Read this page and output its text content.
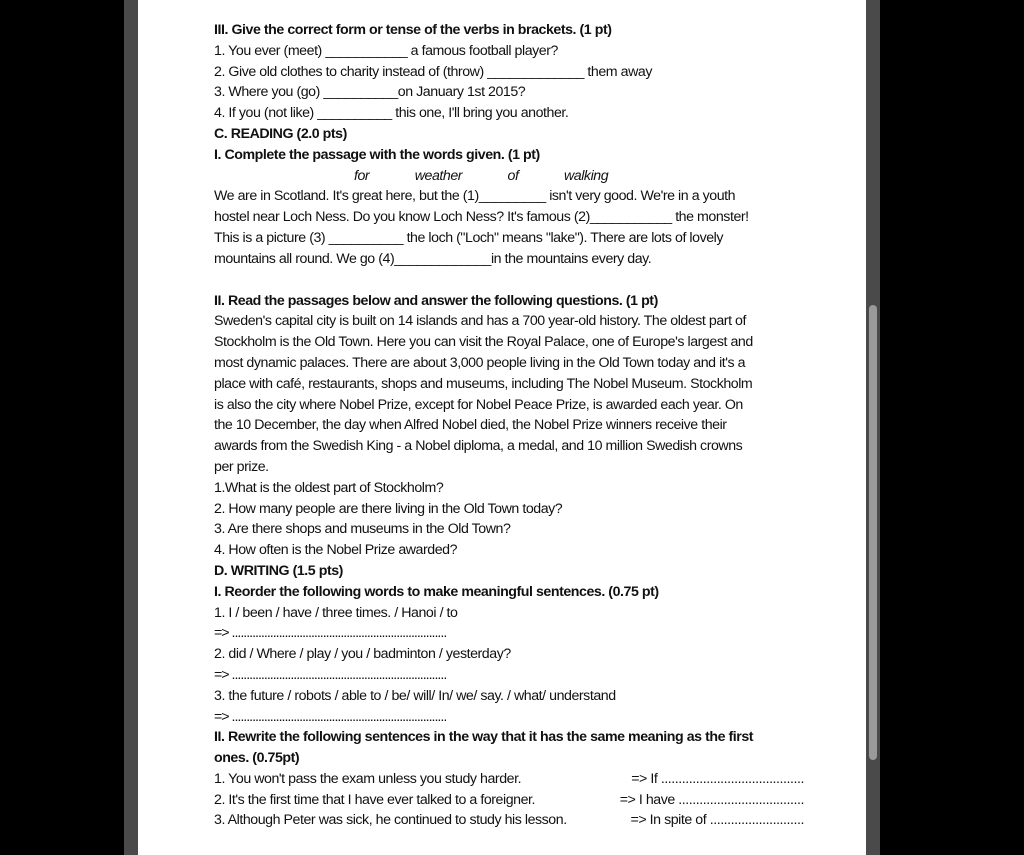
III. Give the correct form or tense of the verbs in brackets. (1 pt)
1. You ever (meet) ___________ a famous football player?
2. Give old clothes to charity instead of (throw) _____________ them away
3. Where you (go) __________on January 1st 2015?
4. If you (not like) __________ this one, I'll bring you another.
C. READING (2.0 pts)
I. Complete the passage with the words given. (1 pt)
for	weather	of	walking
We are in Scotland. It's great here, but the (1)_________ isn't very good. We're in a youth
hostel near Loch Ness. Do you know Loch Ness? It's famous (2)___________ the monster!
This is a picture (3) __________ the loch ("Loch" means "lake"). There are lots of lovely
mountains all round. We go (4)_____________in the mountains every day.
II. Read the passages below and answer the following questions. (1 pt)
Sweden's capital city is built on 14 islands and has a 700 year-old history. The oldest part of
Stockholm is the Old Town. Here you can visit the Royal Palace, one of Europe's largest and
most dynamic palaces. There are about 3,000 people living in the Old Town today and it's a
place with café, restaurants, shops and museums, including The Nobel Museum. Stockholm
is also the city where Nobel Prize, except for Nobel Peace Prize, is awarded each year. On
the 10 December, the day when Alfred Nobel died, the Nobel Prize winners receive their
awards from the Swedish King - a Nobel diploma, a medal, and 10 million Swedish crowns
per prize.
1.What is the oldest part of Stockholm?
2. How many people are there living in the Old Town today?
3. Are there shops and museums in the Old Town?
4. How often is the Nobel Prize awarded?
D. WRITING (1.5 pts)
I. Reorder the following words to make meaningful sentences. (0.75 pt)
1. I / been / have / three times. / Hanoi / to
=> .........................................................................
2. did / Where / play / you / badminton / yesterday?
=> .........................................................................
3. the future / robots / able to / be/ will/ In/ we/ say. / what/ understand
=> .........................................................................
II. Rewrite the following sentences in the way that it has the same meaning as the first
ones. (0.75pt)
1. You won't pass the exam unless you study harder.	=> If .........................................
2. It's the first time that I have ever talked to a foreigner.	=> I have ....................................
3. Although Peter was sick, he continued to study his lesson.	=> In spite of ...........................
